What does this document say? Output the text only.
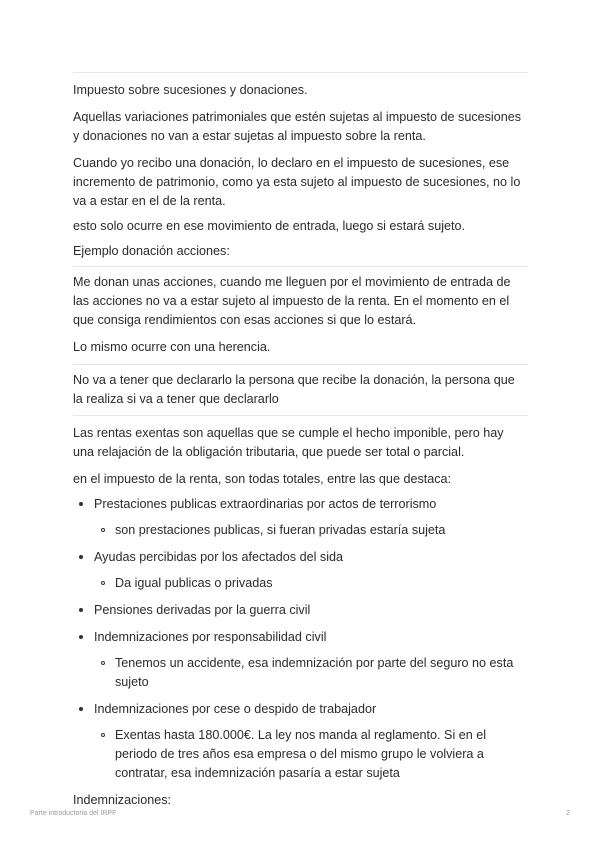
Impuesto sobre sucesiones y donaciones.

Aquellas variaciones patrimoniales que estén sujetas al impuesto de sucesiones y donaciones no van a estar sujetas al impuesto sobre la renta.

Cuando yo recibo una donación, lo declaro en el impuesto de sucesiones, ese incremento de patrimonio, como ya esta sujeto al impuesto de sucesiones, no lo va a estar en el de la renta.

esto solo ocurre en ese movimiento de entrada, luego si estará sujeto.

Ejemplo donación acciones:

Me donan unas acciones, cuando me lleguen por el movimiento de entrada de las acciones no va a estar sujeto al impuesto de la renta. En el momento en el que consiga rendimientos con esas acciones si que lo estará.

Lo mismo ocurre con una herencia.

No va a tener que declararlo la persona que recibe la donación, la persona que la realiza si va a tener que declararlo

Las rentas exentas son aquellas que se cumple el hecho imponible, pero hay una relajación de la obligación tributaria, que puede ser total o parcial.

en el impuesto de la renta, son todas totales, entre las que destaca:

Prestaciones publicas extraordinarias por actos de terrorismo
son prestaciones publicas, si fueran privadas estaría sujeta
Ayudas percibidas por los afectados del sida
Da igual publicas o privadas
Pensiones derivadas por la guerra civil
Indemnizaciones por responsabilidad civil
Tenemos un accidente, esa indemnización por parte del seguro no esta sujeto
Indemnizaciones por cese o despido de trabajador
Exentas hasta 180.000€. La ley nos manda al reglamento. Si en el periodo de tres años esa empresa o del mismo grupo le volviera a contratar, esa indemnización pasaría a estar sujeta

Indemnizaciones:

Parte introductoria del IRPF	2
